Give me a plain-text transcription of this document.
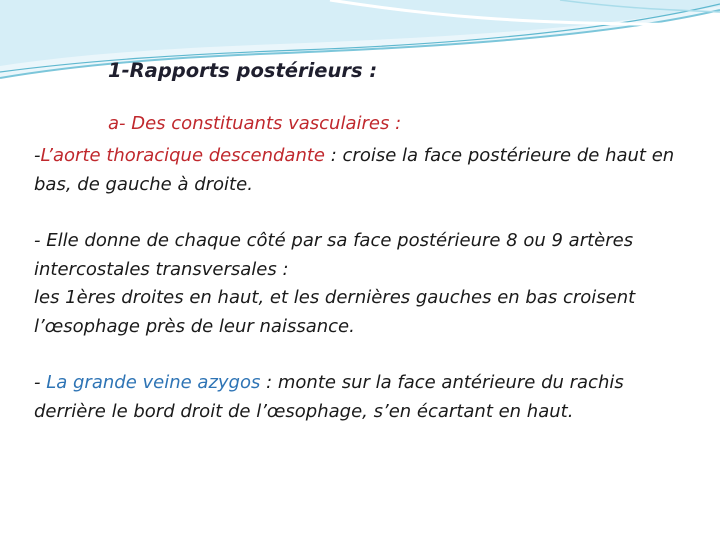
1-Rapports postérieurs :

a- Des constituants vasculaires :

-L’aorte thoracique descendante : croise la face postérieure de haut en bas, de gauche à droite.

- Elle donne de chaque côté par sa face postérieure 8 ou 9 artères intercostales transversales :
les 1ères droites en haut, et les dernières gauches en bas croisent l’œsophage près de leur naissance.

- La grande veine azygos : monte sur la face antérieure du rachis derrière le bord droit de l’œsophage, s’en écartant en haut.
